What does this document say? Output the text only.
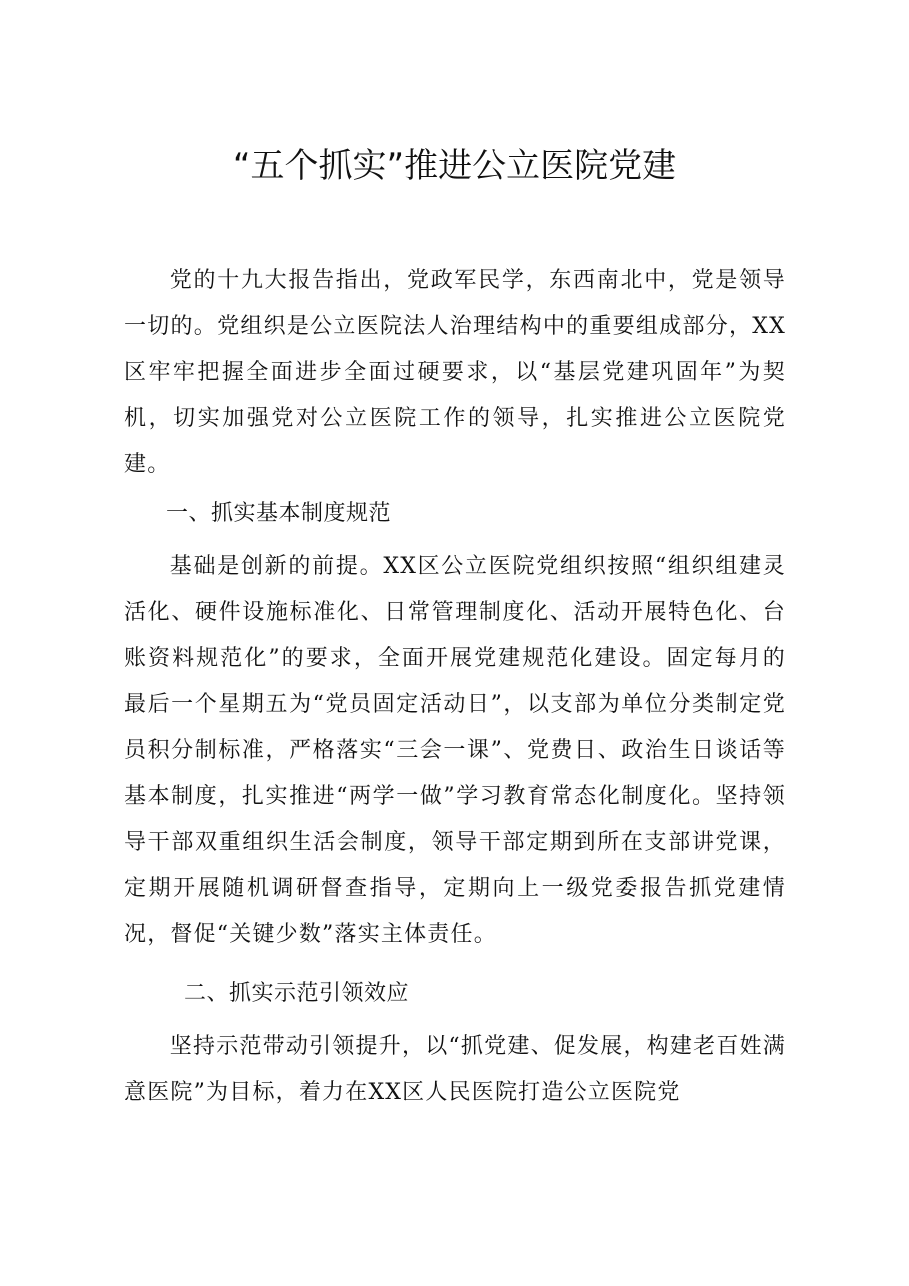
“五个抓实”推进公立医院党建

党的十九大报告指出，党政军民学，东西南北中，党是领导一切的。党组织是公立医院法人治理结构中的重要组成部分，XX区牢牢把握全面进步全面过硬要求，以“基层党建巩固年”为契机，切实加强党对公立医院工作的领导，扎实推进公立医院党建。

一、抓实基本制度规范

基础是创新的前提。XX区公立医院党组织按照“组织组建灵活化、硬件设施标准化、日常管理制度化、活动开展特色化、台账资料规范化”的要求，全面开展党建规范化建设。固定每月的最后一个星期五为“党员固定活动日”，以支部为单位分类制定党员积分制标准，严格落实“三会一课”、党费日、政治生日谈话等基本制度，扎实推进“两学一做”学习教育常态化制度化。坚持领导干部双重组织生活会制度，领导干部定期到所在支部讲党课，定期开展随机调研督查指导，定期向上一级党委报告抓党建情况，督促“关键少数”落实主体责任。

二、抓实示范引领效应

坚持示范带动引领提升，以“抓党建、促发展，构建老百姓满意医院”为目标，着力在XX区人民医院打造公立医院党
